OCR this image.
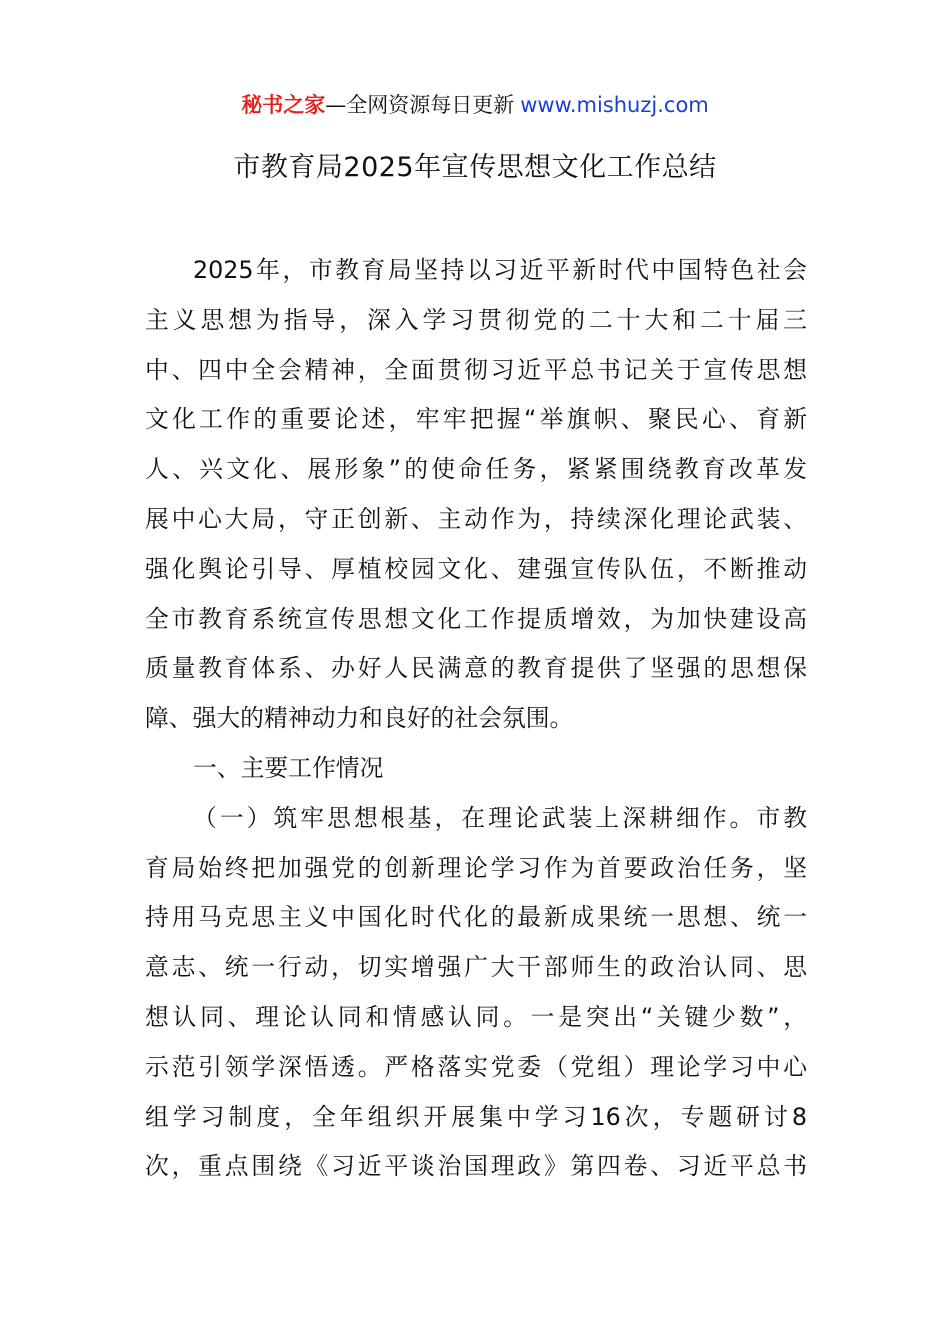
秘书之家—全网资源每日更新 www.mishuzj.com
市教育局2025年宣传思想文化工作总结
2025年，市教育局坚持以习近平新时代中国特色社会
主义思想为指导，深入学习贯彻党的二十大和二十届三
中、四中全会精神，全面贯彻习近平总书记关于宣传思想
文化工作的重要论述，牢牢把握“举旗帜、聚民心、育新
人、兴文化、展形象”的使命任务，紧紧围绕教育改革发
展中心大局，守正创新、主动作为，持续深化理论武装、
强化舆论引导、厚植校园文化、建强宣传队伍，不断推动
全市教育系统宣传思想文化工作提质增效，为加快建设高
质量教育体系、办好人民满意的教育提供了坚强的思想保
障、强大的精神动力和良好的社会氛围。
一、主要工作情况
（一）筑牢思想根基，在理论武装上深耕细作。市教
育局始终把加强党的创新理论学习作为首要政治任务，坚
持用马克思主义中国化时代化的最新成果统一思想、统一
意志、统一行动，切实增强广大干部师生的政治认同、思
想认同、理论认同和情感认同。一是突出“关键少数”，
示范引领学深悟透。严格落实党委（党组）理论学习中心
组学习制度，全年组织开展集中学习16次，专题研讨8
次，重点围绕《习近平谈治国理政》第四卷、习近平总书
